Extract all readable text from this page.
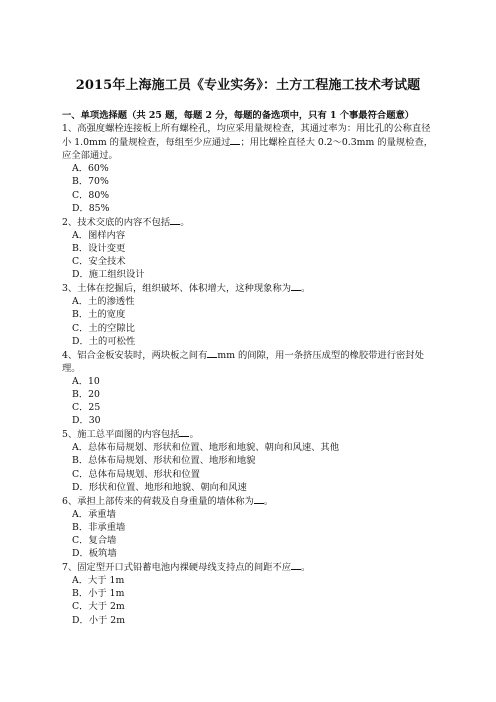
2015年上海施工员《专业实务》：土方工程施工技术考试题
一、单项选择题（共 25 题，每题 2 分，每题的备选项中，只有 1 个事最符合题意）

1、高强度螺栓连接板上所有螺栓孔，均应采用量规检查，其通过率为：用比孔的公称直径小 1.0mm 的量规检查，每组至少应通过 ；用比螺栓直径大 0.2～0.3mm 的量规检查，应全部通过。

A．60%

B．70%

C．80%

D．85%

2、技术交底的内容不包括 。

A．图样内容

B．设计变更

C．安全技术

D．施工组织设计

3、土体在挖掘后，组织破坏、体积增大，这种现象称为 。

A．土的渗透性

B．土的宽度

C．土的空隙比

D．土的可松性

4、铝合金板安装时，两块板之间有 mm 的间隙，用一条挤压成型的橡胶带进行密封处理。

A．10

B．20

C．25

D．30

5、施工总平面图的内容包括 。

A．总体布局规划、形状和位置、地形和地貌、朝向和风速、其他

B．总体布局规划、形状和位置、地形和地貌

C．总体布局规划、形状和位置

D．形状和位置、地形和地貌、朝向和风速

6、承担上部传来的荷载及自身重量的墙体称为 。

A．承重墙

B．非承重墙

C．复合墙

D．板筑墙

7、固定型开口式铅蓄电池内裸硬母线支持点的间距不应 。

A．大于 1m

B．小于 1m

C．大于 2m

D．小于 2m
